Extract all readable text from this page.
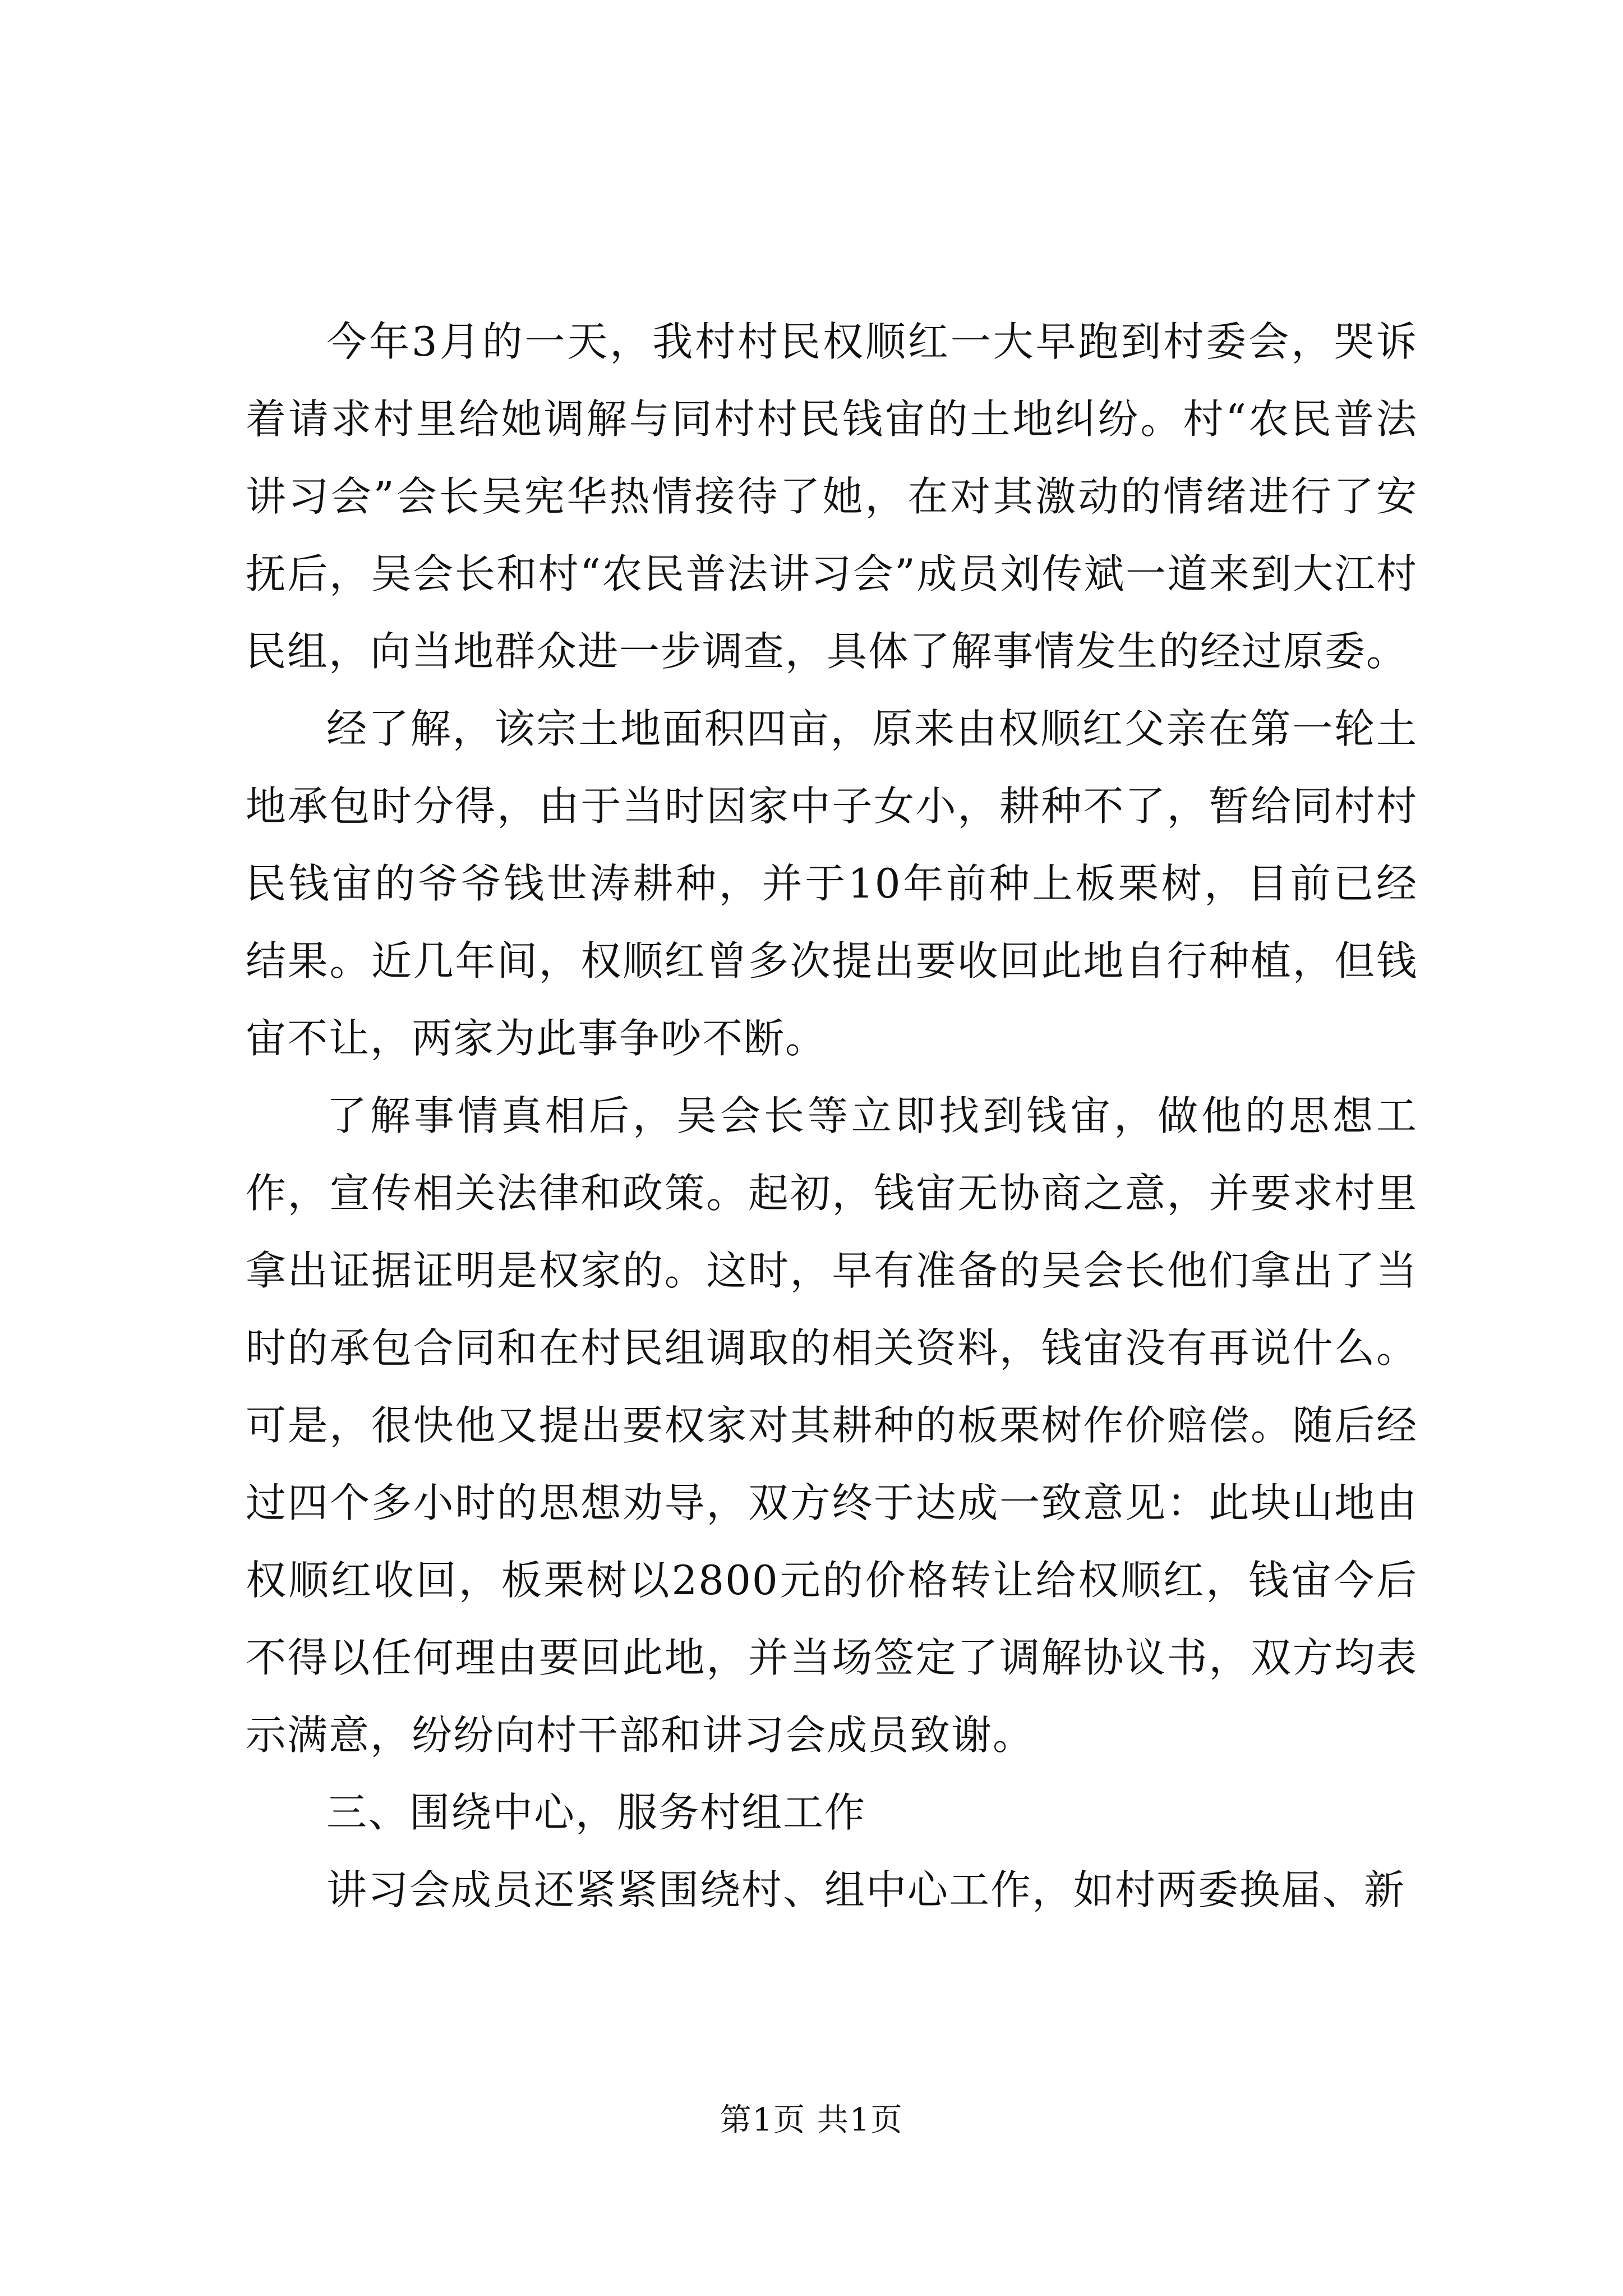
今年3月的一天，我村村民权顺红一大早跑到村委会，哭诉着请求村里给她调解与同村村民钱宙的土地纠纷。村“农民普法讲习会”会长吴宪华热情接待了她，在对其激动的情绪进行了安抚后，吴会长和村“农民普法讲习会”成员刘传斌一道来到大江村民组，向当地群众进一步调查，具体了解事情发生的经过原委。

经了解，该宗土地面积四亩，原来由权顺红父亲在第一轮土地承包时分得，由于当时因家中子女小，耕种不了，暂给同村村民钱宙的爷爷钱世涛耕种，并于10年前种上板栗树，目前已经结果。近几年间，权顺红曾多次提出要收回此地自行种植，但钱宙不让，两家为此事争吵不断。

了解事情真相后，吴会长等立即找到钱宙，做他的思想工作，宣传相关法律和政策。起初，钱宙无协商之意，并要求村里拿出证据证明是权家的。这时，早有准备的吴会长他们拿出了当时的承包合同和在村民组调取的相关资料，钱宙没有再说什么。可是，很快他又提出要权家对其耕种的板栗树作价赔偿。随后经过四个多小时的思想劝导，双方终于达成一致意见：此块山地由权顺红收回，板栗树以2800元的价格转让给权顺红，钱宙今后不得以任何理由要回此地，并当场签定了调解协议书，双方均表示满意，纷纷向村干部和讲习会成员致谢。

三、围绕中心，服务村组工作

讲习会成员还紧紧围绕村、组中心工作，如村两委换届、新

第1页 共1页
